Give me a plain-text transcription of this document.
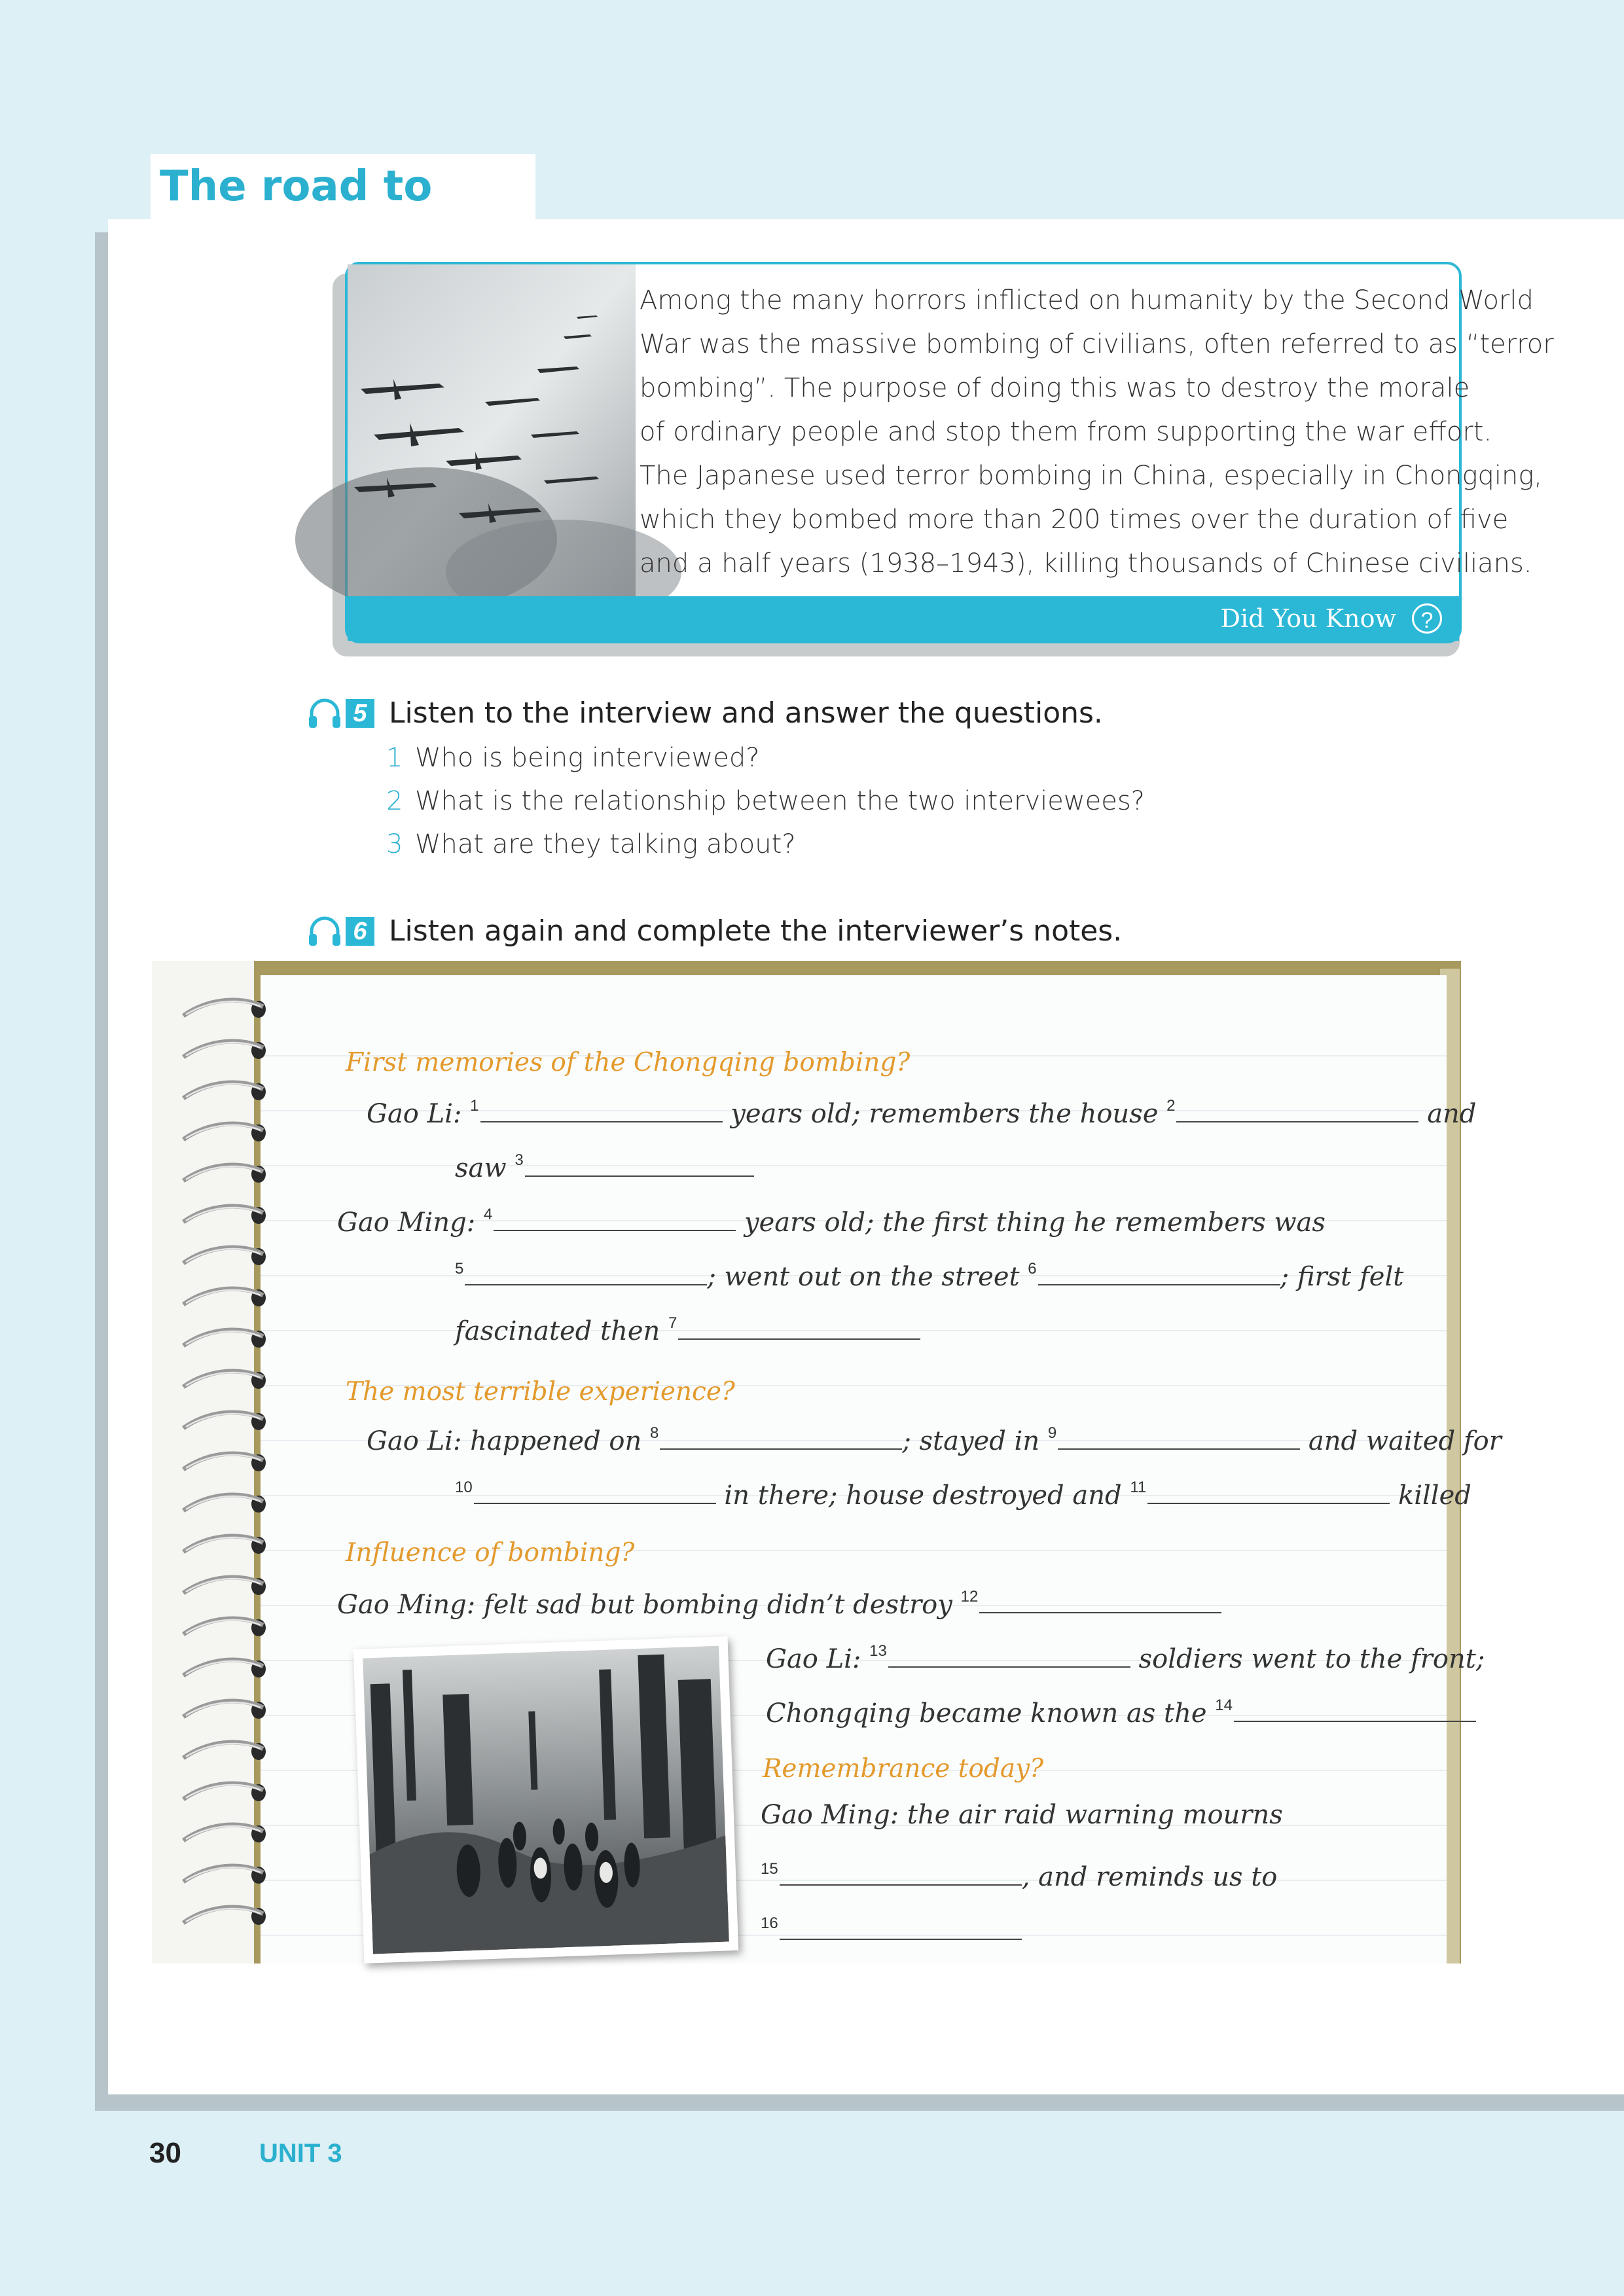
The road to

Among the many horrors inflicted on humanity by the Second World

War was the massive bombing of civilians, often referred to as “terror

bombing”. The purpose of doing this was to destroy the morale

of ordinary people and stop them from supporting the war effort.

The Japanese used terror bombing in China, especially in Chongqing,

which they bombed more than 200 times over the duration of five

and a half years (1938–1943), killing thousands of Chinese civilians.

Did You Know	?
5 Listen to the interview and answer the questions.
1 Who is being interviewed?
2 What is the relationship between the two interviewees?
3 What are they talking about?
6 Listen again and complete the interviewer’s notes.
First memories of the Chongqing bombing?
Gao Li: $^1$	years old; remembers the house $^2$	and
saw $^3$
Gao Ming: $^4$	years old; the first thing he remembers was
$^5$	; went out on the street $^6$	; first felt
fascinated then $^7$
The most terrible experience?
Gao Li: happened on $^8$	; stayed in $^9$	and waited for
$^{10}$	in there; house destroyed and $^{11}$	killed
Influence of bombing?
Gao Ming: felt sad but bombing didn’t destroy $^{12}$
Gao Li: $^{13}$	soldiers went to the front;
Chongqing became known as the $^{14}$
Remembrance today?
Gao Ming: the air raid warning mourns
$^{15}$	, and reminds us to
$^{16}$
30	UNIT 3
